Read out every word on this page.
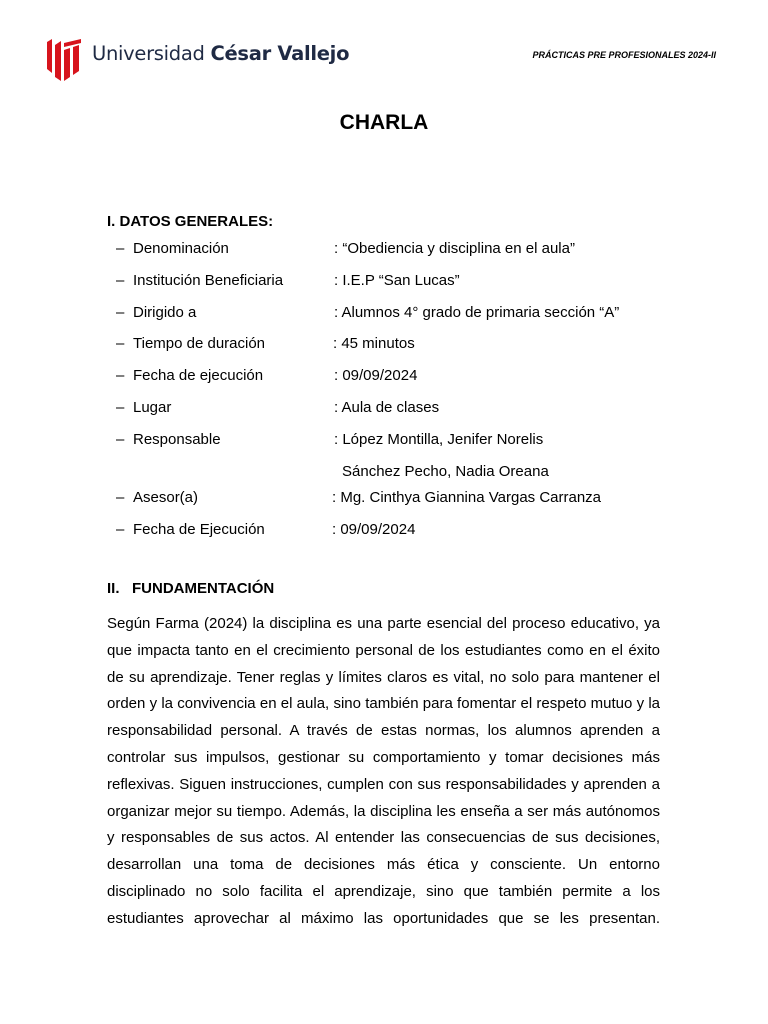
Universidad César Vallejo	PRÁCTICAS PRE PROFESIONALES 2024-II
CHARLA
I. DATOS GENERALES:
– Denominación	: “Obediencia y disciplina en el aula”
– Institución Beneficiaria	: I.E.P “San Lucas”
– Dirigido a	: Alumnos 4° grado de primaria sección “A”
– Tiempo de duración	: 45 minutos
– Fecha de ejecución	: 09/09/2024
– Lugar	: Aula de clases
– Responsable	: López Montilla, Jenifer Norelis
Sánchez Pecho, Nadia Oreana
– Asesor(a)	: Mg. Cinthya Giannina Vargas Carranza
– Fecha de Ejecución	: 09/09/2024
II. FUNDAMENTACIÓN
Según Farma (2024) la disciplina es una parte esencial del proceso educativo, ya que impacta tanto en el crecimiento personal de los estudiantes como en el éxito de su aprendizaje. Tener reglas y límites claros es vital, no solo para mantener el orden y la convivencia en el aula, sino también para fomentar el respeto mutuo y la responsabilidad personal. A través de estas normas, los alumnos aprenden a controlar sus impulsos, gestionar su comportamiento y tomar decisiones más reflexivas. Siguen instrucciones, cumplen con sus responsabilidades y aprenden a organizar mejor su tiempo. Además, la disciplina les enseña a ser más autónomos y responsables de sus actos. Al entender las consecuencias de sus decisiones, desarrollan una toma de decisiones más ética y consciente. Un entorno disciplinado no solo facilita el aprendizaje, sino que también permite a los estudiantes aprovechar al máximo las oportunidades que se les presentan.
